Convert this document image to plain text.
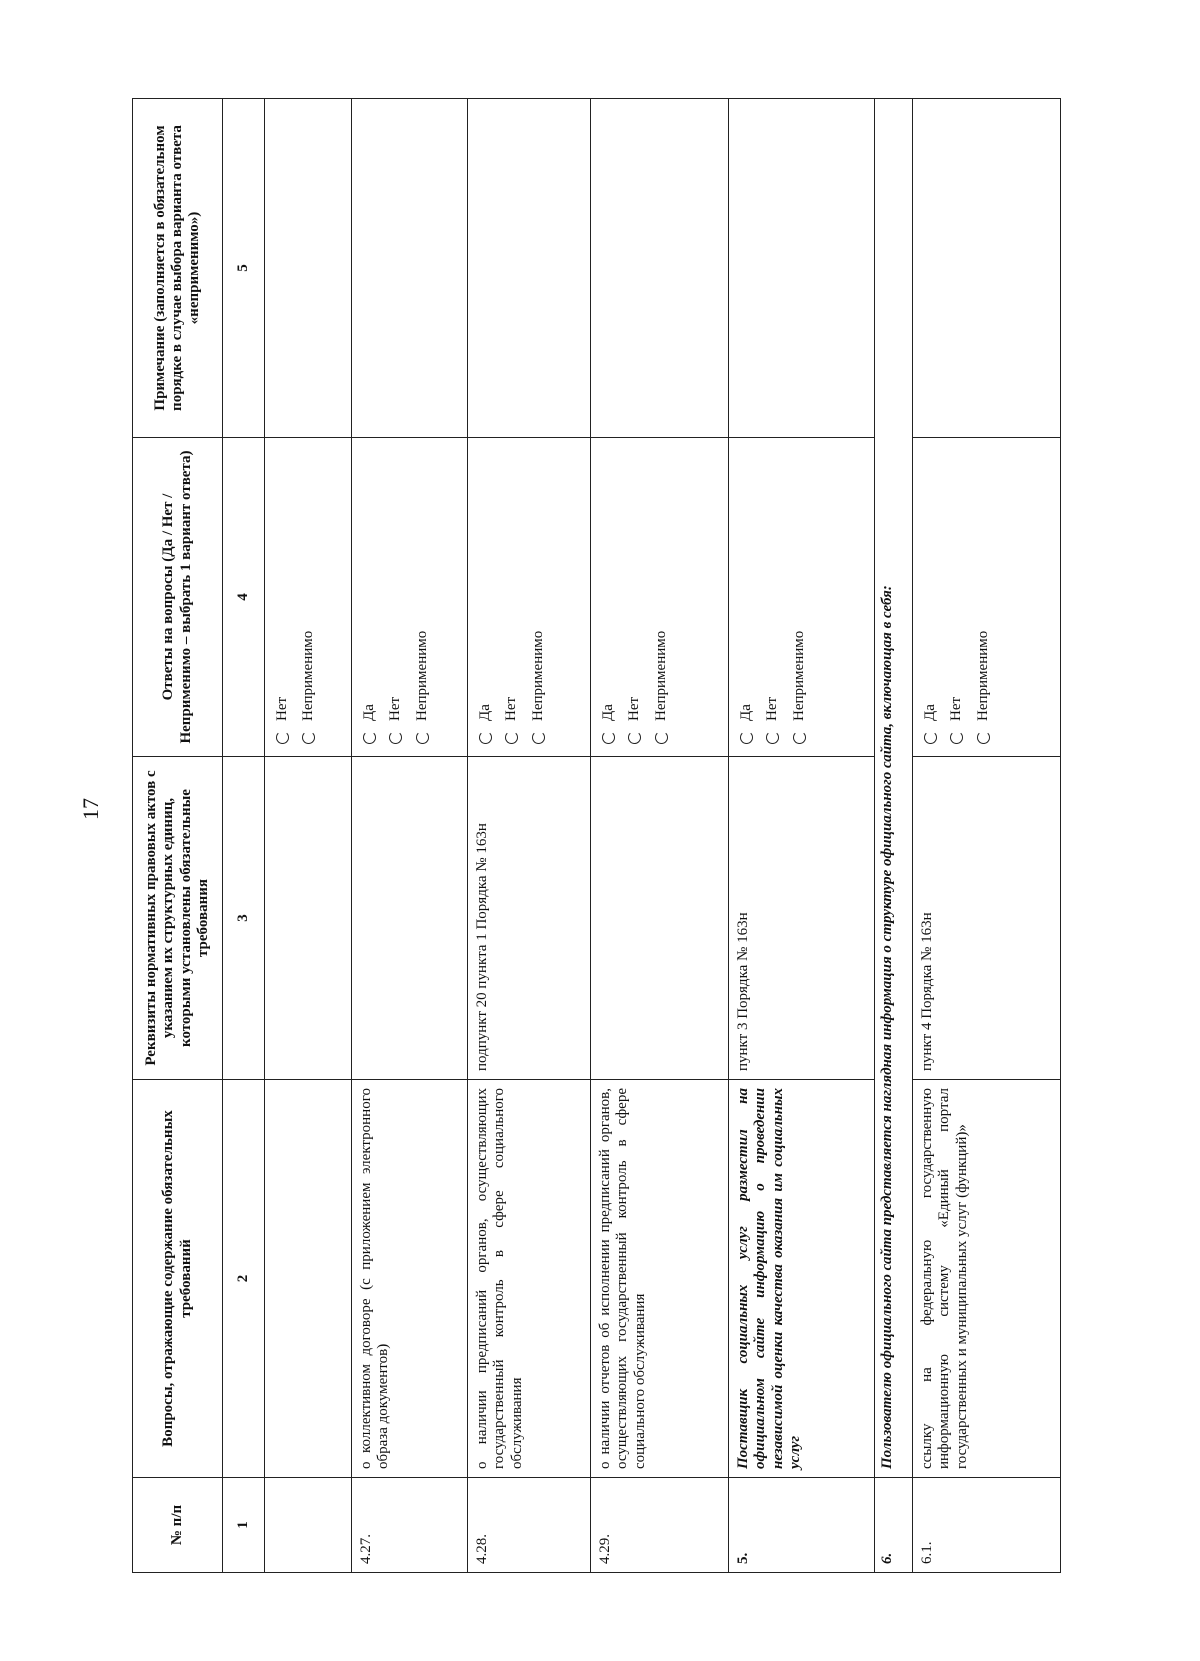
17
№ п/п	Вопросы, отражающие содержание обязательных требований	Реквизиты нормативных правовых актов с указанием их структурных единиц, которыми установлены обязательные требования	Ответы на вопросы (Да / Нет / Неприменимо – выбрать 1 вариант ответа)	Примечание (заполняется в обязательном порядке в случае выбора варианта ответа «неприменимо»)
1	2	3	4	5

			Нет Неприменимо	

4.27.	о коллективном договоре (с приложением электронного образа документов)		Да Нет Неприменимо	

4.28.	о наличии предписаний органов, осуществляющих государственный контроль в сфере социального обслуживания	подпункт 20 пункта 1 Порядка № 163н	Да Нет Неприменимо	

4.29.	о наличии отчетов об исполнении предписаний органов, осуществляющих государственный контроль в сфере социального обслуживания		Да Нет Неприменимо	

5.	Поставщик социальных услуг разместил на официальном сайте информацию о проведении независимой оценки качества оказания им социальных услуг	пункт 3 Порядка № 163н	Да Нет Неприменимо	

6.	Пользователю официального сайта представляется наглядная информация о структуре официального сайта, включающая в себя:			
6.1.	ссылку на федеральную государственную информационную систему «Единый портал государственных и муниципальных услуг (функций)»	пункт 4 Порядка № 163н	Да Нет Неприменимо	
